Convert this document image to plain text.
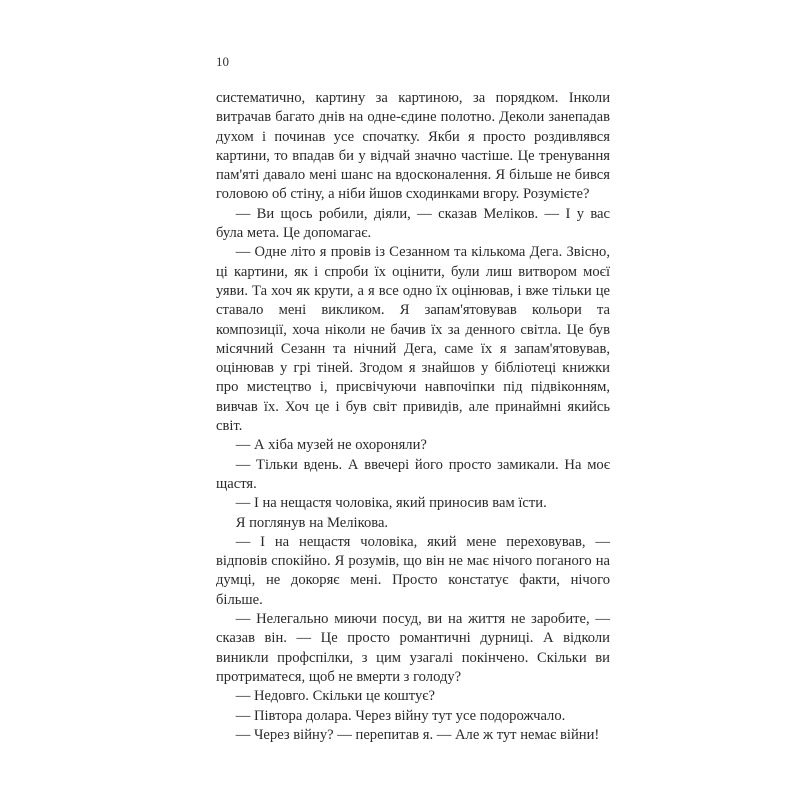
10

систематично, картину за картиною, за порядком. Інколи витрачав багато днів на одне-єдине полотно. Деколи занепадав духом і починав усе спочатку. Якби я просто роздивлявся картини, то впадав би у відчай значно частіше. Це тренування пам'яті давало мені шанс на вдосконалення. Я більше не бився головою об стіну, а ніби йшов сходинками вгору. Розумієте?

— Ви щось робили, діяли, — сказав Меліков. — І у вас була мета. Це допомагає.

— Одне літо я провів із Сезанном та кількома Дега. Звісно, ці картини, як і спроби їх оцінити, були лиш витвором моєї уяви. Та хоч як крути, а я все одно їх оцінював, і вже тільки це ставало мені викликом. Я запам'ятовував кольори та композиції, хоча ніколи не бачив їх за денного світла. Це був місячний Сезанн та нічний Дега, саме їх я запам'ятовував, оцінював у грі тіней. Згодом я знайшов у бібліотеці книжки про мистецтво і, присвічуючи навпочіпки під підвіконням, вивчав їх. Хоч це і був світ привидів, але принаймні якийсь світ.

— А хіба музей не охороняли?

— Тільки вдень. А ввечері його просто замикали. На моє щастя.

— І на нещастя чоловіка, який приносив вам їсти.

Я поглянув на Мелікова.

— І на нещастя чоловіка, який мене переховував, — відповів спокійно. Я розумів, що він не має нічого поганого на думці, не докоряє мені. Просто констатує факти, нічого більше.

— Нелегально миючи посуд, ви на життя не заробите, — сказав він. — Це просто романтичні дурниці. А відколи виникли профспілки, з цим узагалі покінчено. Скільки ви протриматеся, щоб не вмерти з голоду?

— Недовго. Скільки це коштує?

— Півтора долара. Через війну тут усе подорожчало.

— Через війну? — перепитав я. — Але ж тут немає війни!
